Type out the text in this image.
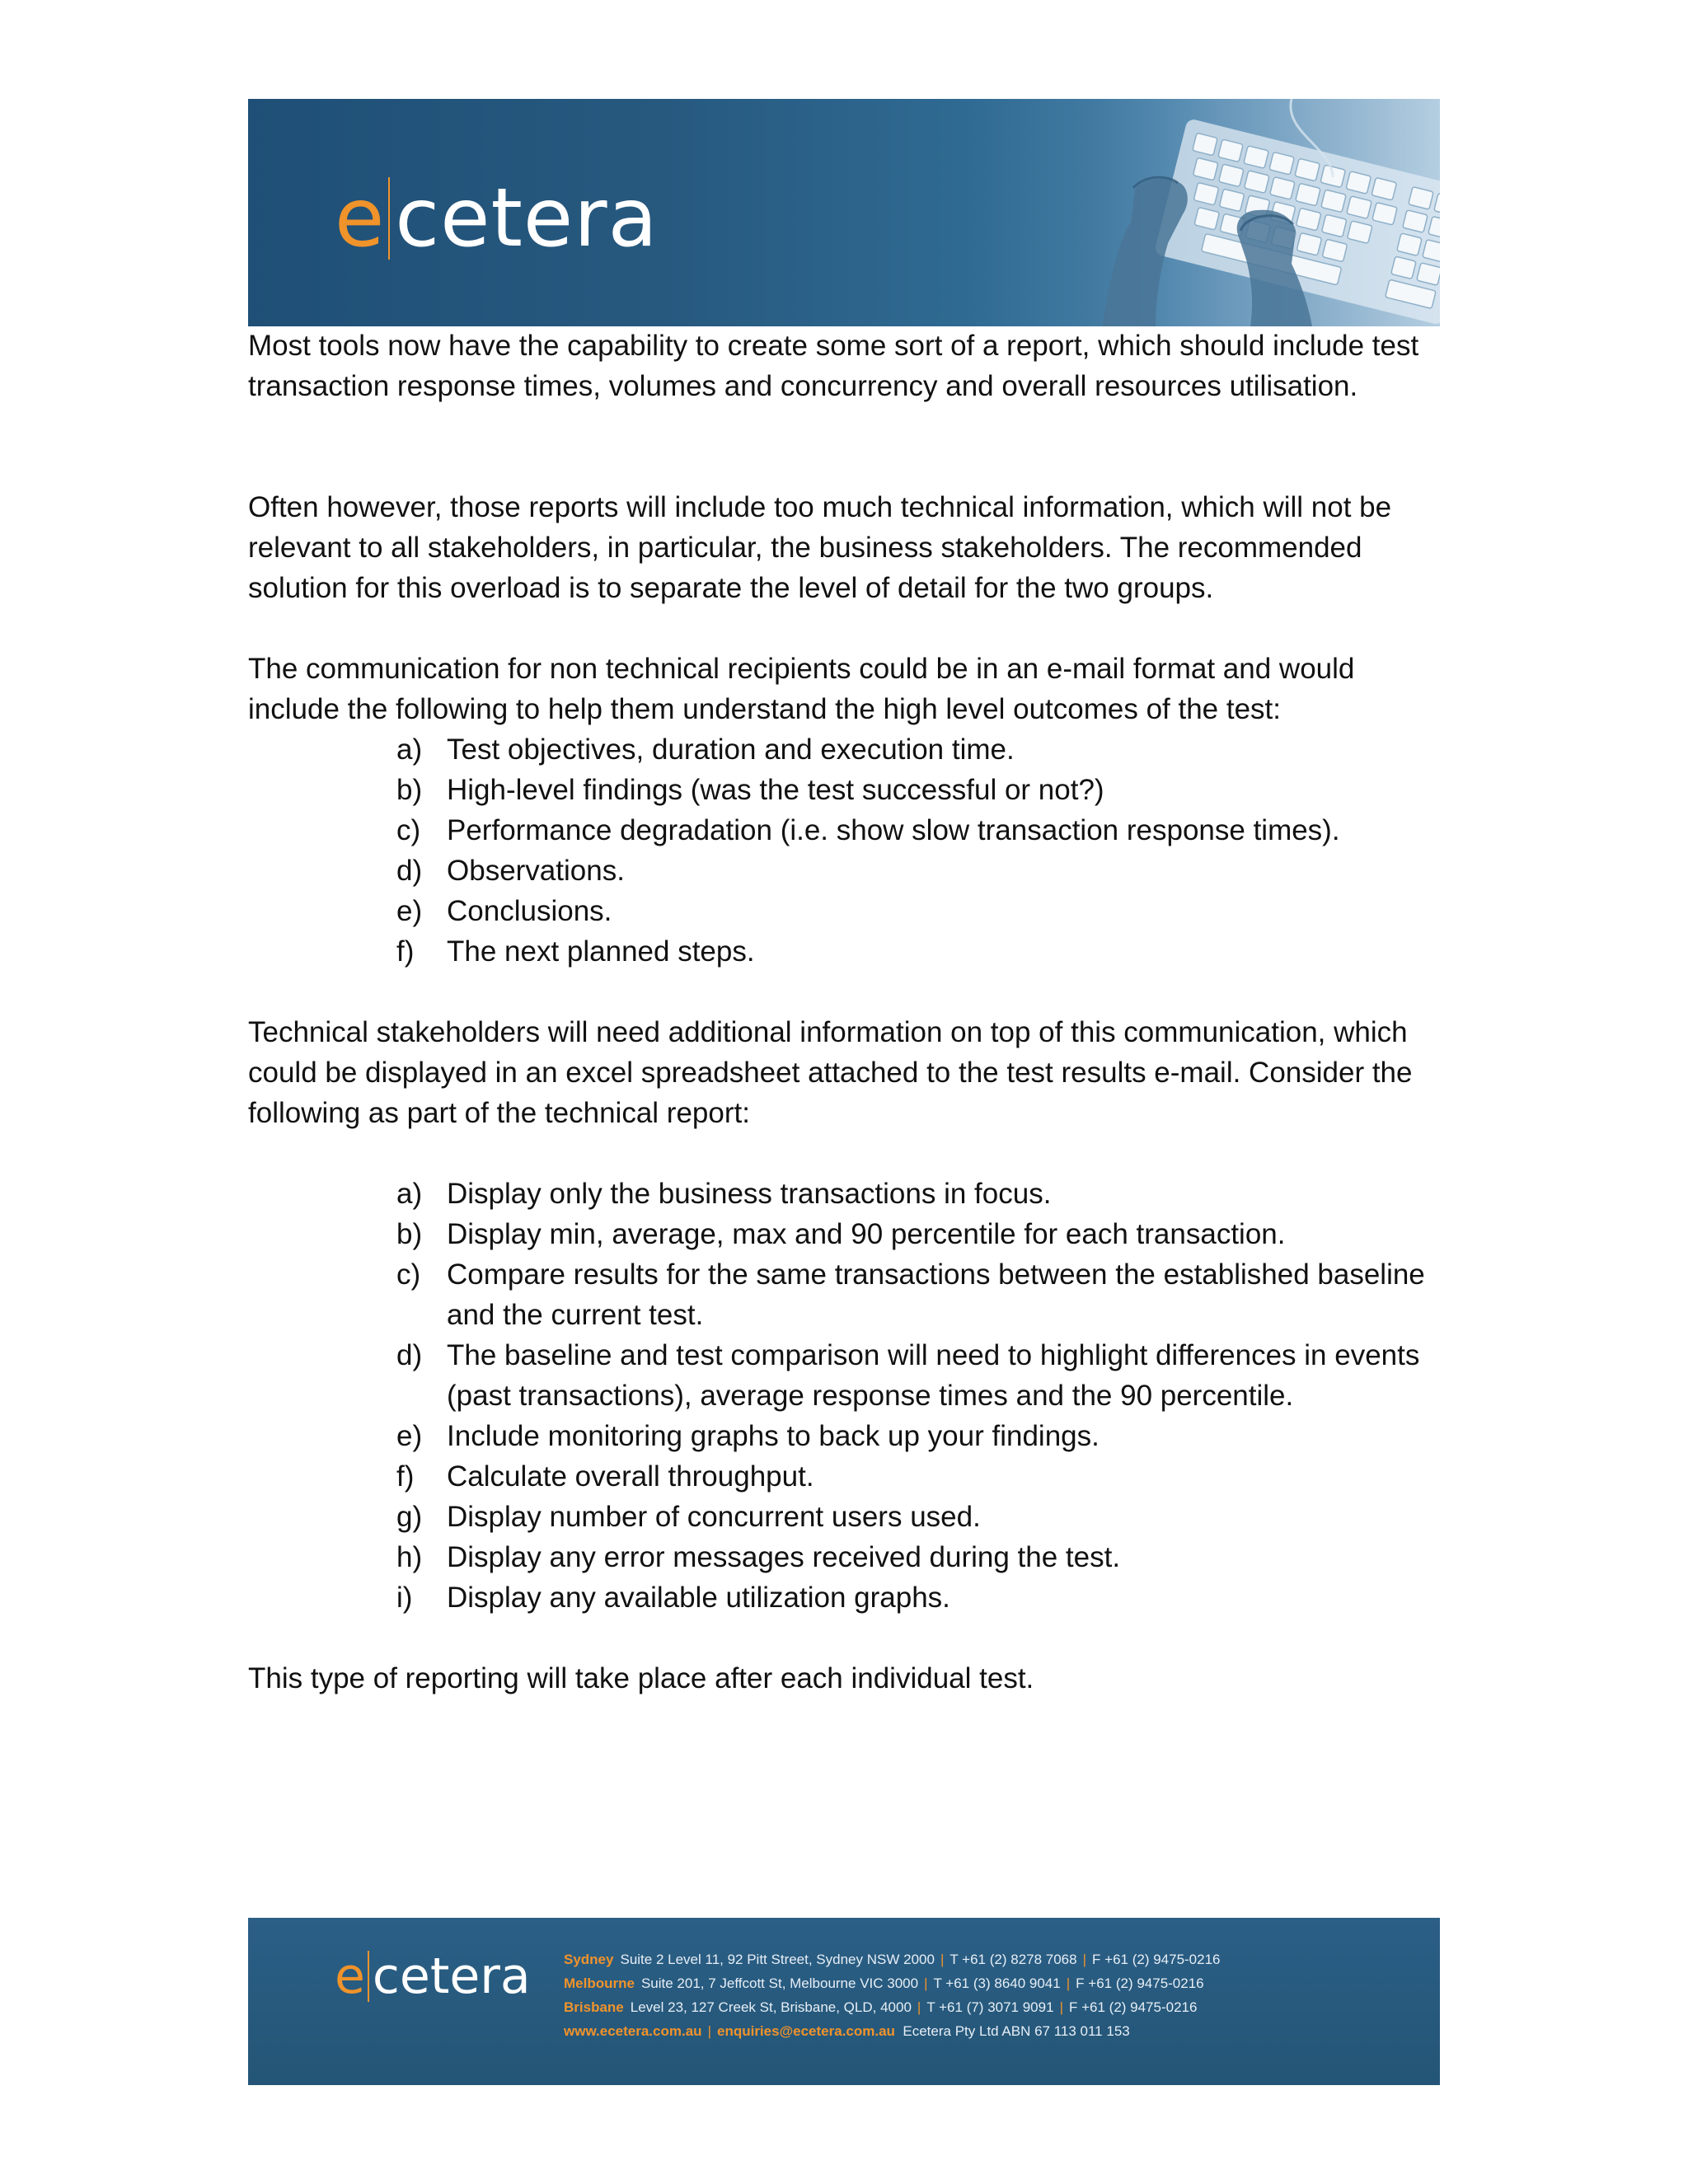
e cetera

Most tools now have the capability to create some sort of a report, which should include test transaction response times, volumes and concurrency and overall resources utilisation.

Often however, those reports will include too much technical information, which will not be relevant to all stakeholders, in particular, the business stakeholders. The recommended solution for this overload is to separate the level of detail for the two groups.

The communication for non technical recipients could be in an e-mail format and would include the following to help them understand the high level outcomes of the test:

a) Test objectives, duration and execution time.
b) High-level findings (was the test successful or not?)
c) Performance degradation (i.e. show slow transaction response times).
d) Observations.
e) Conclusions.
f) The next planned steps.

Technical stakeholders will need additional information on top of this communication, which could be displayed in an excel spreadsheet attached to the test results e-mail. Consider the following as part of the technical report:

a) Display only the business transactions in focus.
b) Display min, average, max and 90 percentile for each transaction.
c) Compare results for the same transactions between the established baseline and the current test.
d) The baseline and test comparison will need to highlight differences in events (past transactions), average response times and the 90 percentile.
e) Include monitoring graphs to back up your findings.
f) Calculate overall throughput.
g) Display number of concurrent users used.
h) Display any error messages received during the test.
i) Display any available utilization graphs.

This type of reporting will take place after each individual test.

e cetera Sydney Suite 2 Level 11, 92 Pitt Street, Sydney NSW 2000 | T +61 (2) 8278 7068 | F +61 (2) 9475-0216
Melbourne Suite 201, 7 Jeffcott St, Melbourne VIC 3000 | T +61 (3) 8640 9041 | F +61 (2) 9475-0216
Brisbane Level 23, 127 Creek St, Brisbane, QLD, 4000 | T +61 (7) 3071 9091 | F +61 (2) 9475-0216
www.ecetera.com.au | enquiries@ecetera.com.au Ecetera Pty Ltd ABN 67 113 011 153
